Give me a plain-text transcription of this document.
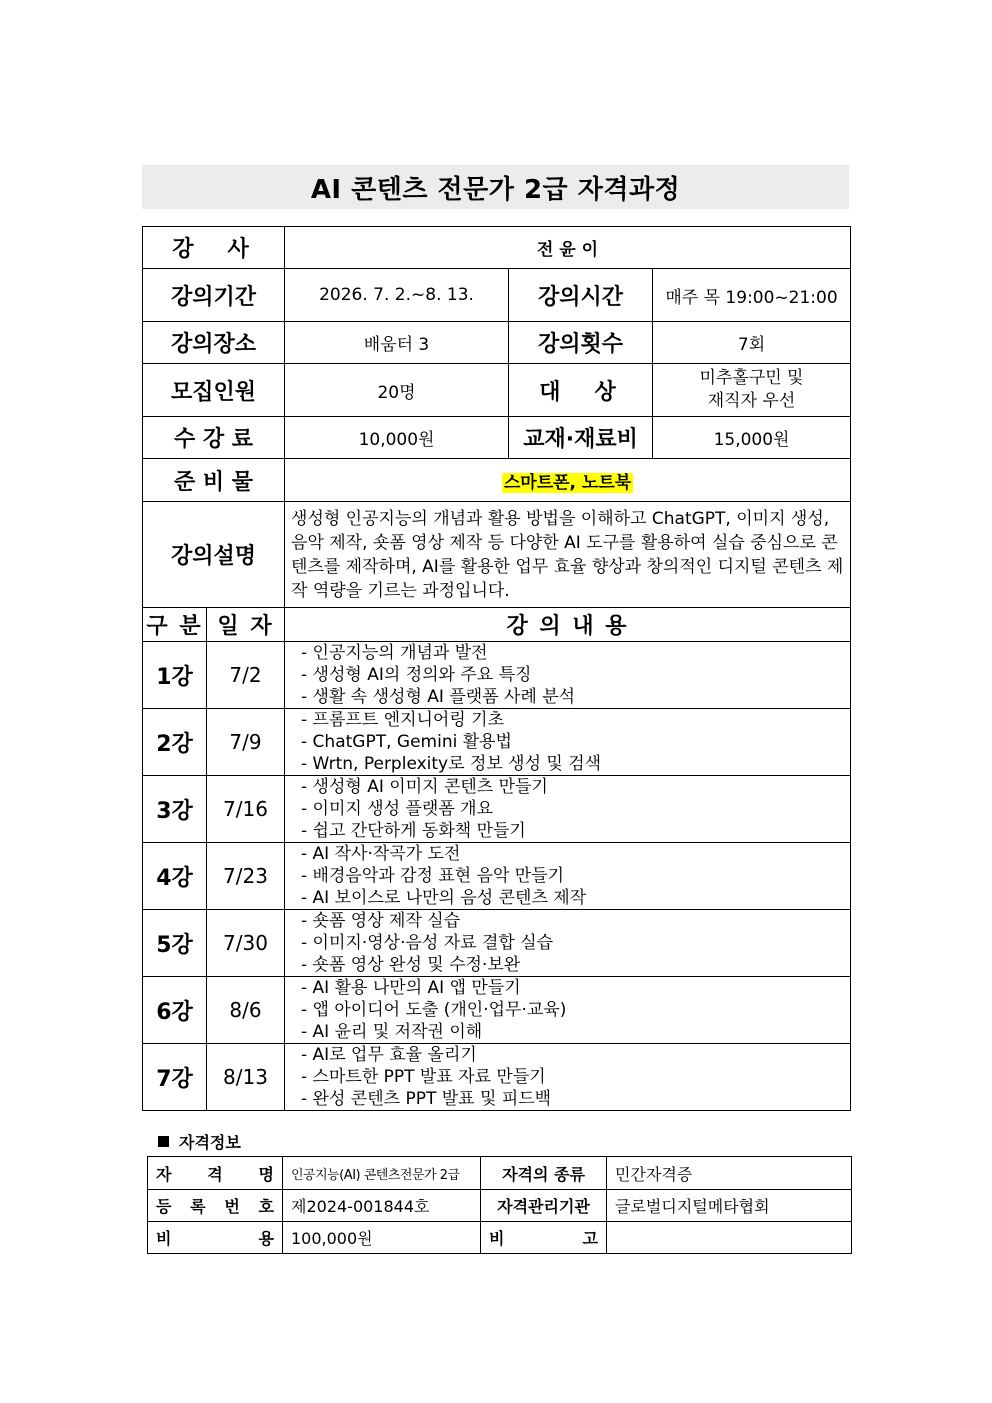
AI 콘텐츠 전문가 2급 자격과정
강　사		전 윤 이		
강의기간		2026. 7. 2.~8. 13.	강의시간	매주 목 19:00~21:00
강의장소		배움터 3	강의횟수	7회
모집인원		20명	대　상	미추홀구민 및
재직자 우선

수 강 료		10,000원	교재·재료비	15,000원
준 비 물		스마트폰, 노트북		
강의설명		생성형 인공지능의 개념과 활용 방법을 이해하고 ChatGPT, 이미지 생성, 음악 제작, 숏폼 영상 제작 등 다양한 AI 도구를 활용하여 실습 중심으로 콘텐츠를 제작하며, AI를 활용한 업무 효율 향상과 창의적인 디지털 콘텐츠 제작 역량을 기르는 과정입니다.		
구 분	일 자	강 의 내 용		
1강	7/2	- 인공지능의 개념과 발전
- 생성형 AI의 정의와 주요 특징
- 생활 속 생성형 AI 플랫폼 사례 분석		

2강	7/9	- 프롬프트 엔지니어링 기초
- ChatGPT, Gemini 활용법
- Wrtn, Perplexity로 정보 생성 및 검색		

3강	7/16	- 생성형 AI 이미지 콘텐츠 만들기
- 이미지 생성 플랫폼 개요
- 쉽고 간단하게 동화책 만들기		

4강	7/23	- AI 작사·작곡가 도전
- 배경음악과 감정 표현 음악 만들기
- AI 보이스로 나만의 음성 콘텐츠 제작		

5강	7/30	- 숏폼 영상 제작 실습
- 이미지·영상·음성 자료 결합 실습
- 숏폼 영상 완성 및 수정·보완		

6강	8/6	- AI 활용 나만의 AI 앱 만들기
- 앱 아이디어 도출 (개인·업무·교육)
- AI 윤리 및 저작권 이해		

7강	8/13	- AI로 업무 효율 올리기
- 스마트한 PPT 발표 자료 만들기
- 완성 콘텐츠 PPT 발표 및 피드백		
자격정보
자 격 명	인공지능(AI) 콘텐츠전문가 2급	자격의 종류	민간자격증
등 록 번 호	제2024-001844호	자격관리기관	글로벌디지털메타협회
비 용	100,000원	비 고	
